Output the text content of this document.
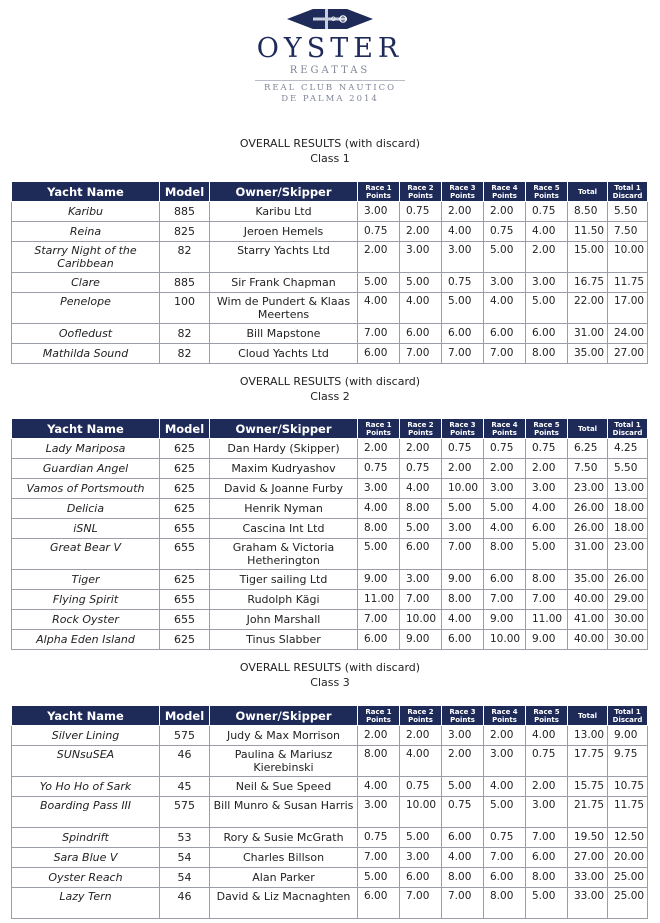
O
OYSTER
REGATTAS
REAL CLUB NAUTICO
DE PALMA 2014
OVERALL RESULTS (with discard)
Class 1
Yacht Name	Model	Owner/Skipper	Race 1 Points	Race 2 Points	Race 3 Points	Race 4 Points	Race 5 Points	Total	Total 1 Discard
Karibu	885	Karibu Ltd	3.00	0.75	2.00	2.00	0.75	8.50	5.50
Reina	825	Jeroen Hemels	0.75	2.00	4.00	0.75	4.00	11.50	7.50
Starry Night of the Caribbean	82	Starry Yachts Ltd	2.00	3.00	3.00	5.00	2.00	15.00	10.00
Clare	885	Sir Frank Chapman	5.00	5.00	0.75	3.00	3.00	16.75	11.75
Penelope	100	Wim de Pundert & Klaas Meertens	4.00	4.00	5.00	4.00	5.00	22.00	17.00
Oofledust	82	Bill Mapstone	7.00	6.00	6.00	6.00	6.00	31.00	24.00
Mathilda Sound	82	Cloud Yachts Ltd	6.00	7.00	7.00	7.00	8.00	35.00	27.00
OVERALL RESULTS (with discard)
Class 2
Yacht Name	Model	Owner/Skipper	Race 1 Points	Race 2 Points	Race 3 Points	Race 4 Points	Race 5 Points	Total	Total 1 Discard
Lady Mariposa	625	Dan Hardy (Skipper)	2.00	2.00	0.75	0.75	0.75	6.25	4.25
Guardian Angel	625	Maxim Kudryashov	0.75	0.75	2.00	2.00	2.00	7.50	5.50
Vamos of Portsmouth	625	David & Joanne Furby	3.00	4.00	10.00	3.00	3.00	23.00	13.00
Delicia	625	Henrik Nyman	4.00	8.00	5.00	5.00	4.00	26.00	18.00
iSNL	655	Cascina Int Ltd	8.00	5.00	3.00	4.00	6.00	26.00	18.00
Great Bear V	655	Graham & Victoria Hetherington	5.00	6.00	7.00	8.00	5.00	31.00	23.00
Tiger	625	Tiger sailing Ltd	9.00	3.00	9.00	6.00	8.00	35.00	26.00
Flying Spirit	655	Rudolph Kägi	11.00	7.00	8.00	7.00	7.00	40.00	29.00
Rock Oyster	655	John Marshall	7.00	10.00	4.00	9.00	11.00	41.00	30.00
Alpha Eden Island	625	Tinus Slabber	6.00	9.00	6.00	10.00	9.00	40.00	30.00
OVERALL RESULTS (with discard)
Class 3
Yacht Name	Model	Owner/Skipper	Race 1 Points	Race 2 Points	Race 3 Points	Race 4 Points	Race 5 Points	Total	Total 1 Discard
Silver Lining	575	Judy & Max Morrison	2.00	2.00	3.00	2.00	4.00	13.00	9.00
SUNsuSEA	46	Paulina & Mariusz Kierebinski	8.00	4.00	2.00	3.00	0.75	17.75	9.75
Yo Ho Ho of Sark	45	Neil & Sue Speed	4.00	0.75	5.00	4.00	2.00	15.75	10.75
Boarding Pass III	575	Bill Munro & Susan Harris	3.00	10.00	0.75	5.00	3.00	21.75	11.75
Spindrift	53	Rory & Susie McGrath	0.75	5.00	6.00	0.75	7.00	19.50	12.50
Sara Blue V	54	Charles Billson	7.00	3.00	4.00	7.00	6.00	27.00	20.00
Oyster Reach	54	Alan Parker	5.00	6.00	8.00	6.00	8.00	33.00	25.00
Lazy Tern	46	David & Liz Macnaghten	6.00	7.00	7.00	8.00	5.00	33.00	25.00
